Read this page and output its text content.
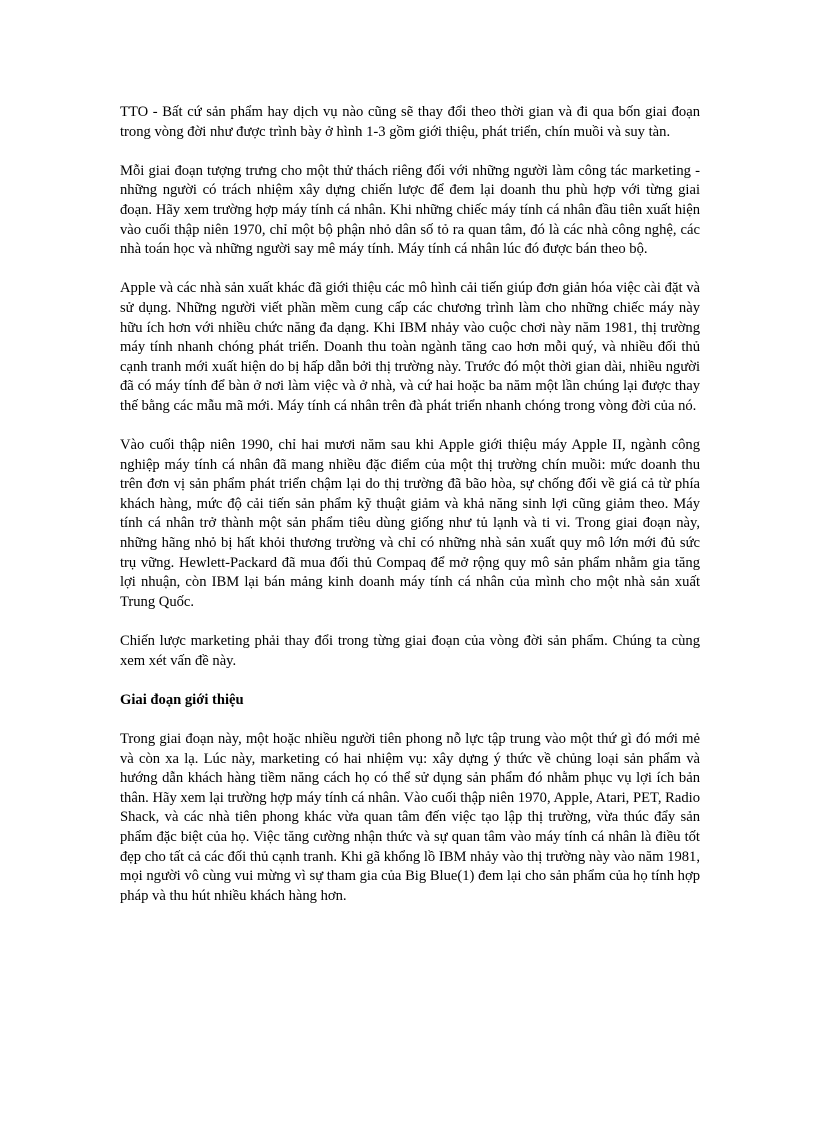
TTO - Bất cứ sản phẩm hay dịch vụ nào cũng sẽ thay đổi theo thời gian và đi qua bốn giai đoạn trong vòng đời như được trình bày ở hình 1-3 gồm giới thiệu, phát triển, chín muồi và suy tàn.

Mỗi giai đoạn tượng trưng cho một thử thách riêng đối với những người làm công tác marketing - những người có trách nhiệm xây dựng chiến lược để đem lại doanh thu phù hợp với từng giai đoạn. Hãy xem trường hợp máy tính cá nhân. Khi những chiếc máy tính cá nhân đầu tiên xuất hiện vào cuối thập niên 1970, chỉ một bộ phận nhỏ dân số tỏ ra quan tâm, đó là các nhà công nghệ, các nhà toán học và những người say mê máy tính. Máy tính cá nhân lúc đó được bán theo bộ.

Apple và các nhà sản xuất khác đã giới thiệu các mô hình cải tiến giúp đơn giản hóa việc cài đặt và sử dụng. Những người viết phần mềm cung cấp các chương trình làm cho những chiếc máy này hữu ích hơn với nhiều chức năng đa dạng. Khi IBM nhảy vào cuộc chơi này năm 1981, thị trường máy tính nhanh chóng phát triển. Doanh thu toàn ngành tăng cao hơn mỗi quý, và nhiều đối thủ cạnh tranh mới xuất hiện do bị hấp dẫn bởi thị trường này. Trước đó một thời gian dài, nhiều người đã có máy tính để bàn ở nơi làm việc và ở nhà, và cứ hai hoặc ba năm một lần chúng lại được thay thế bằng các mẫu mã mới. Máy tính cá nhân trên đà phát triển nhanh chóng trong vòng đời của nó.

Vào cuối thập niên 1990, chỉ hai mươi năm sau khi Apple giới thiệu máy Apple II, ngành công nghiệp máy tính cá nhân đã mang nhiều đặc điểm của một thị trường chín muồi: mức doanh thu trên đơn vị sản phẩm phát triển chậm lại do thị trường đã bão hòa, sự chống đối về giá cả từ phía khách hàng, mức độ cải tiến sản phẩm kỹ thuật giảm và khả năng sinh lợi cũng giảm theo. Máy tính cá nhân trở thành một sản phẩm tiêu dùng giống như tủ lạnh và ti vi. Trong giai đoạn này, những hãng nhỏ bị hất khỏi thương trường và chỉ có những nhà sản xuất quy mô lớn mới đủ sức trụ vững. Hewlett-Packard đã mua đối thủ Compaq để mở rộng quy mô sản phẩm nhằm gia tăng lợi nhuận, còn IBM lại bán mảng kinh doanh máy tính cá nhân của mình cho một nhà sản xuất Trung Quốc.

Chiến lược marketing phải thay đổi trong từng giai đoạn của vòng đời sản phẩm. Chúng ta cùng xem xét vấn đề này.

Giai đoạn giới thiệu

Trong giai đoạn này, một hoặc nhiều người tiên phong nỗ lực tập trung vào một thứ gì đó mới mẻ và còn xa lạ. Lúc này, marketing có hai nhiệm vụ: xây dựng ý thức về chủng loại sản phẩm và hướng dẫn khách hàng tiềm năng cách họ có thể sử dụng sản phẩm đó nhằm phục vụ lợi ích bản thân. Hãy xem lại trường hợp máy tính cá nhân. Vào cuối thập niên 1970, Apple, Atari, PET, Radio Shack, và các nhà tiên phong khác vừa quan tâm đến việc tạo lập thị trường, vừa thúc đẩy sản phẩm đặc biệt của họ. Việc tăng cường nhận thức và sự quan tâm vào máy tính cá nhân là điều tốt đẹp cho tất cả các đối thủ cạnh tranh. Khi gã khổng lồ IBM nhảy vào thị trường này vào năm 1981, mọi người vô cùng vui mừng vì sự tham gia của Big Blue(1) đem lại cho sản phẩm của họ tính hợp pháp và thu hút nhiều khách hàng hơn.
